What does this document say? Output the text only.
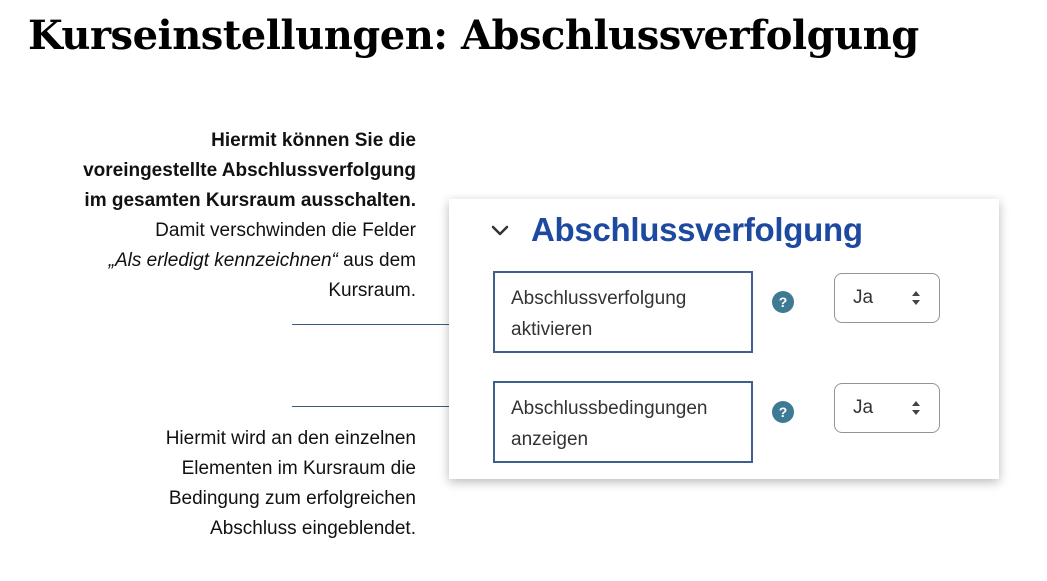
Kurseinstellungen: Abschlussverfolgung
Hiermit können Sie die
voreingestellte Abschlussverfolgung
im gesamten Kursraum ausschalten.
Damit verschwinden die Felder
„Als erledigt kennzeichnen“ aus dem
Kursraum.
Hiermit wird an den einzelnen
Elementen im Kursraum die
Bedingung zum erfolgreichen
Abschluss eingeblendet.
Abschlussverfolgung
Abschlussverfolgung
aktivieren
?	Ja
Abschlussbedingungen
anzeigen
?	Ja
